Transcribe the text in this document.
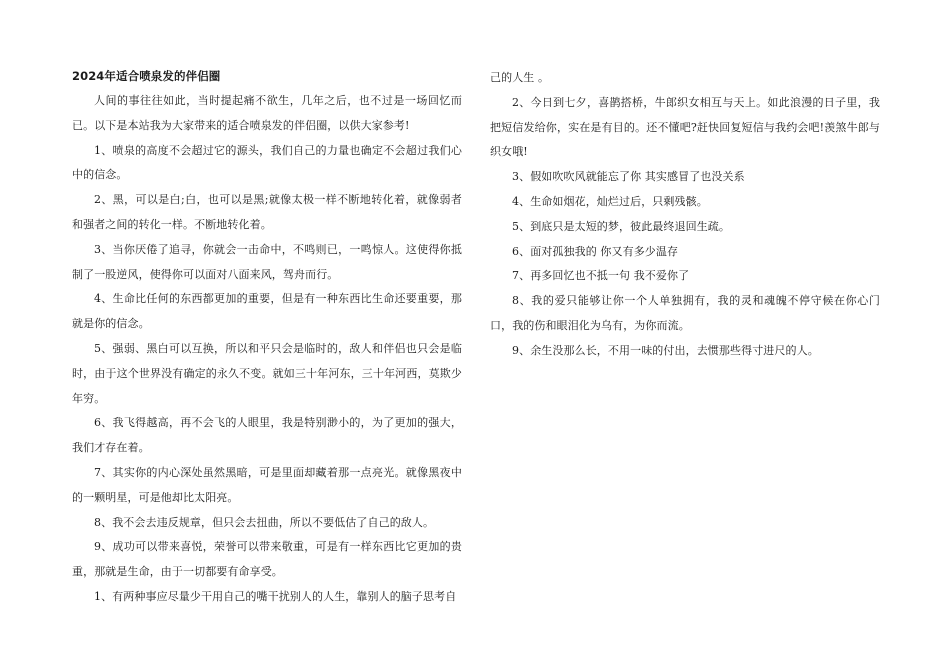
2024年适合喷泉发的伴侣圈

人间的事往往如此，当时提起痛不欲生，几年之后，也不过是一场回忆而已。以下是本站我为大家带来的适合喷泉发的伴侣圈，以供大家参考!

1、喷泉的高度不会超过它的源头，我们自己的力量也确定不会超过我们心中的信念。

2、黑，可以是白;白，也可以是黑;就像太极一样不断地转化着，就像弱者和强者之间的转化一样。不断地转化着。

3、当你厌倦了追寻，你就会一击命中，不鸣则已，一鸣惊人。这使得你抵制了一股逆风，使得你可以面对八面来风，驾舟而行。

4、生命比任何的东西都更加的重要，但是有一种东西比生命还要重要，那就是你的信念。

5、强弱、黑白可以互换，所以和平只会是临时的，敌人和伴侣也只会是临时，由于这个世界没有确定的永久不变。就如三十年河东，三十年河西，莫欺少年穷。

6、我飞得越高，再不会飞的人眼里，我是特别渺小的，为了更加的强大，我们才存在着。

7、其实你的内心深处虽然黑暗，可是里面却藏着那一点亮光。就像黑夜中的一颗明星，可是他却比太阳亮。

8、我不会去违反规章，但只会去扭曲，所以不要低估了自己的敌人。

9、成功可以带来喜悦，荣誉可以带来敬重，可是有一样东西比它更加的贵重，那就是生命，由于一切都要有命享受。

1、有两种事应尽量少干用自己的嘴干扰别人的人生，靠别人的脑子思考自

己的人生 。

2、今日到七夕，喜鹊搭桥，牛郎织女相互与天上。如此浪漫的日子里，我把短信发给你，实在是有目的。还不懂吧?赶快回复短信与我约会吧!羡煞牛郎与织女哦!

3、假如吹吹风就能忘了你 其实感冒了也没关系

4、生命如烟花，灿烂过后，只剩残骸。

5、到底只是太短的梦，彼此最终退回生疏。

6、面对孤独我的 你又有多少温存

7、再多回忆也不抵一句 我不爱你了

8、我的爱只能够让你一个人单独拥有，我的灵和魂魄不停守候在你心门口，我的伤和眼泪化为乌有，为你而流。

9、余生没那么长，不用一味的付出，去惯那些得寸进尺的人。
